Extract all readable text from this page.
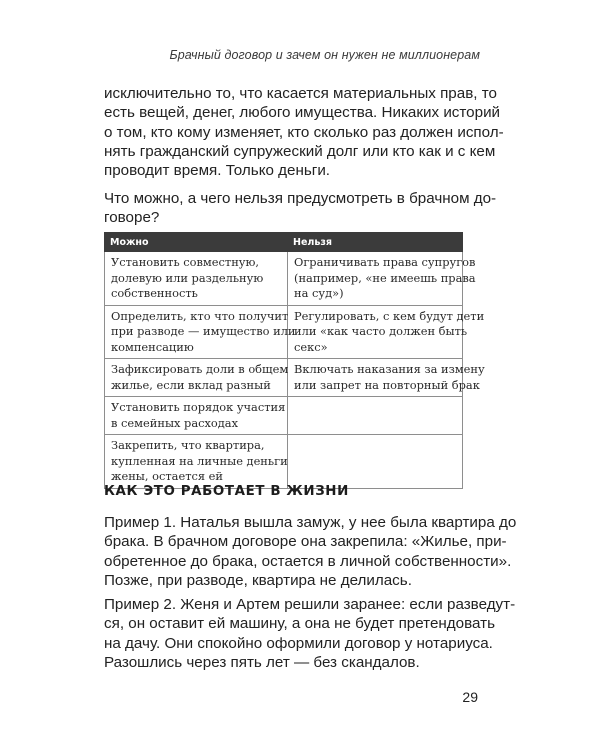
Брачный договор и зачем он нужен не миллионерам
исключительно то, что касается материальных прав, то
есть вещей, денег, любого имущества. Никаких историй
о том, кто кому изменяет, кто сколько раз должен испол-
нять гражданский супружеский долг или кто как и с кем
проводит время. Только деньги.
Что можно, а чего нельзя предусмотреть в брачном до-
говоре?
Можно	Нельзя

Установить совместную,
долевую или раздельную
собственность	Ограничивать права супругов
(например, «не имеешь права
на суд»)

Определить, кто что получит
при разводе — имущество или
компенсацию	Регулировать, с кем будут дети
или «как часто должен быть
секс»

Зафиксировать доли в общем
жилье, если вклад разный	Включать наказания за измену
или запрет на повторный брак

Установить порядок участия
в семейных расходах	

Закрепить, что квартира,
купленная на личные деньги
жены, остается ей	

КАК ЭТО РАБОТАЕТ В ЖИЗНИ
Пример 1. Наталья вышла замуж, у нее была квартира до
брака. В брачном договоре она закрепила: «Жилье, при-
обретенное до брака, остается в личной собственности».
Позже, при разводе, квартира не делилась.
Пример 2. Женя и Артем решили заранее: если разведут-
ся, он оставит ей машину, а она не будет претендовать
на дачу. Они спокойно оформили договор у нотариуса.
Разошлись через пять лет — без скандалов.
29
